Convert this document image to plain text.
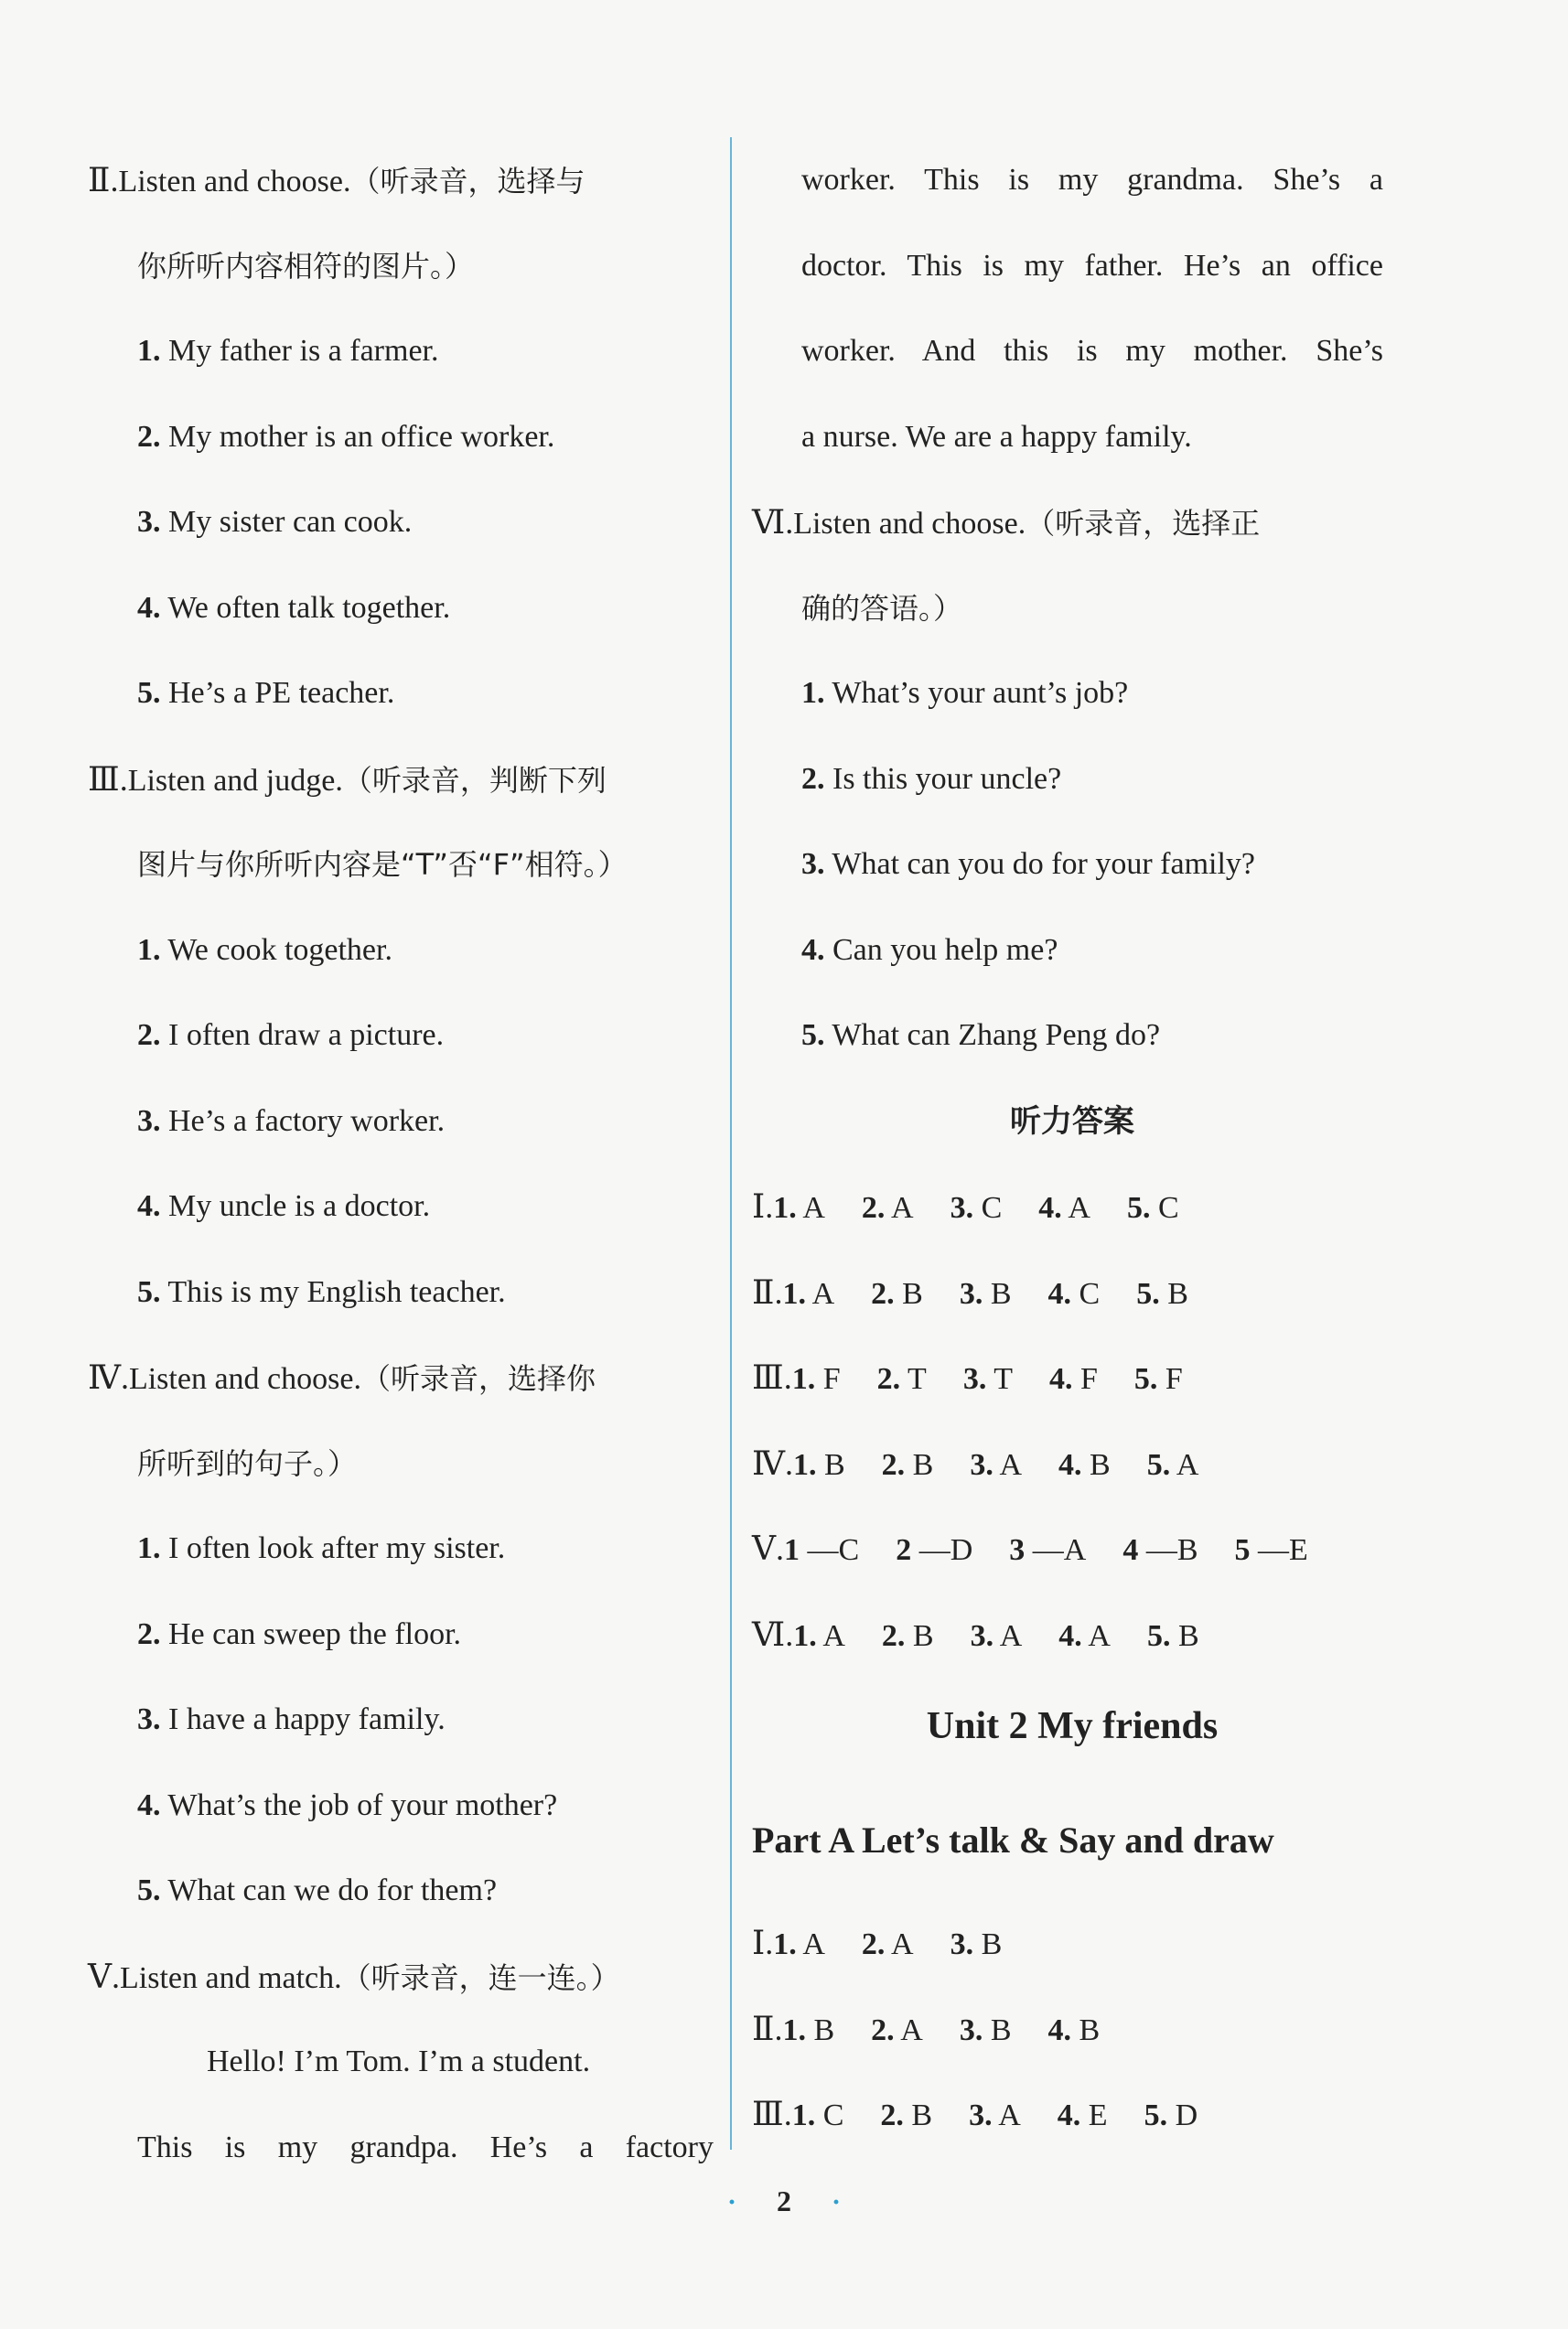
Ⅱ.Listen and choose.（听录音，选择与
你所听内容相符的图片。）
1. My father is a farmer.
2. My mother is an office worker.
3. My sister can cook.
4. We often talk together.
5. He’s a PE teacher.
Ⅲ.Listen and judge.（听录音，判断下列
图片与你所听内容是“T”否“F”相符。）
1. We cook together.
2. I often draw a picture.
3. He’s a factory worker.
4. My uncle is a doctor.
5. This is my English teacher.
Ⅳ.Listen and choose.（听录音，选择你
所听到的句子。）
1. I often look after my sister.
2. He can sweep the floor.
3. I have a happy family.
4. What’s the job of your mother?
5. What can we do for them?
Ⅴ.Listen and match.（听录音，连一连。）
Hello! I’m Tom. I’m a student.
This is my grandpa. He’s a factory
worker. This is my grandma. She’s a
doctor. This is my father. He’s an office
worker. And this is my mother. She’s
a nurse. We are a happy family.
Ⅵ.Listen and choose.（听录音，选择正
确的答语。）
1. What’s your aunt’s job?
2. Is this your uncle?
3. What can you do for your family?
4. Can you help me?
5. What can Zhang Peng do?
听力答案
Ⅰ.1. A 2. A 3. C 4. A 5. C
Ⅱ.1. A 2. B 3. B 4. C 5. B
Ⅲ.1. F 2. T 3. T 4. F 5. F
Ⅳ.1. B 2. B 3. A 4. B 5. A
Ⅴ.1 —C 2 —D 3 —A 4 —B 5 —E
Ⅵ.1. A 2. B 3. A 4. A 5. B
Unit 2 My friends
Part A Let’s talk & Say and draw
Ⅰ.1. A 2. A 3. B
Ⅱ.1. B 2. A 3. B 4. B
Ⅲ.1. C 2. B 3. A 4. E 5. D
· 2 ·
